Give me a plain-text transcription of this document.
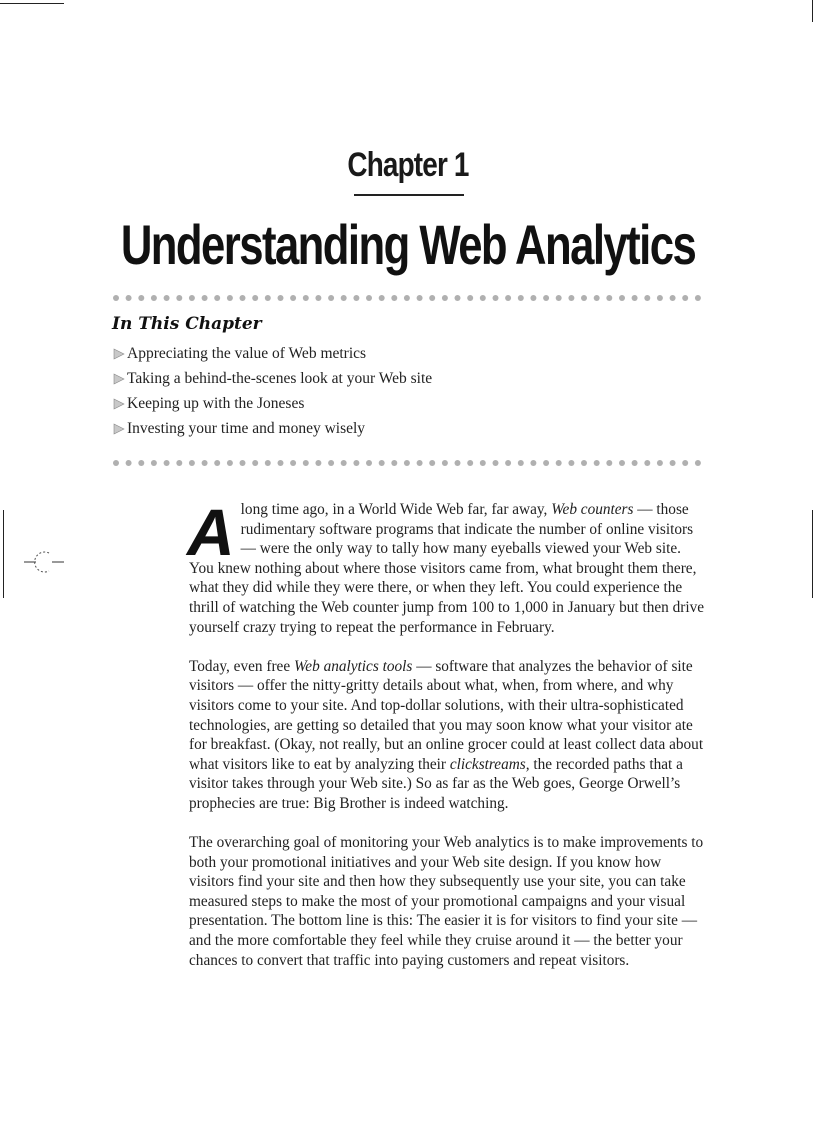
Chapter 1
Understanding Web Analytics
In This Chapter
Appreciating the value of Web metrics
Taking a behind-the-scenes look at your Web site
Keeping up with the Joneses
Investing your time and money wisely

A long time ago, in a World Wide Web far, far away, Web counters — those rudimentary software programs that indicate the number of online visitors — were the only way to tally how many eyeballs viewed your Web site. You knew nothing about where those visitors came from, what brought them there, what they did while they were there, or when they left. You could experience the thrill of watching the Web counter jump from 100 to 1,000 in January but then drive yourself crazy trying to repeat the performance in February.

Today, even free Web analytics tools — software that analyzes the behavior of site visitors — offer the nitty-gritty details about what, when, from where, and why visitors come to your site. And top-dollar solutions, with their ultra-sophisticated technologies, are getting so detailed that you may soon know what your visitor ate for breakfast. (Okay, not really, but an online grocer could at least collect data about what visitors like to eat by analyzing their clickstreams, the recorded paths that a visitor takes through your Web site.) So as far as the Web goes, George Orwell’s prophecies are true: Big Brother is indeed watching.

The overarching goal of monitoring your Web analytics is to make improvements to both your promotional initiatives and your Web site design. If you know how visitors find your site and then how they subsequently use your site, you can take measured steps to make the most of your promotional campaigns and your visual presentation. The bottom line is this: The easier it is for visitors to find your site — and the more comfortable they feel while they cruise around it — the better your chances to convert that traffic into paying customers and repeat visitors.
